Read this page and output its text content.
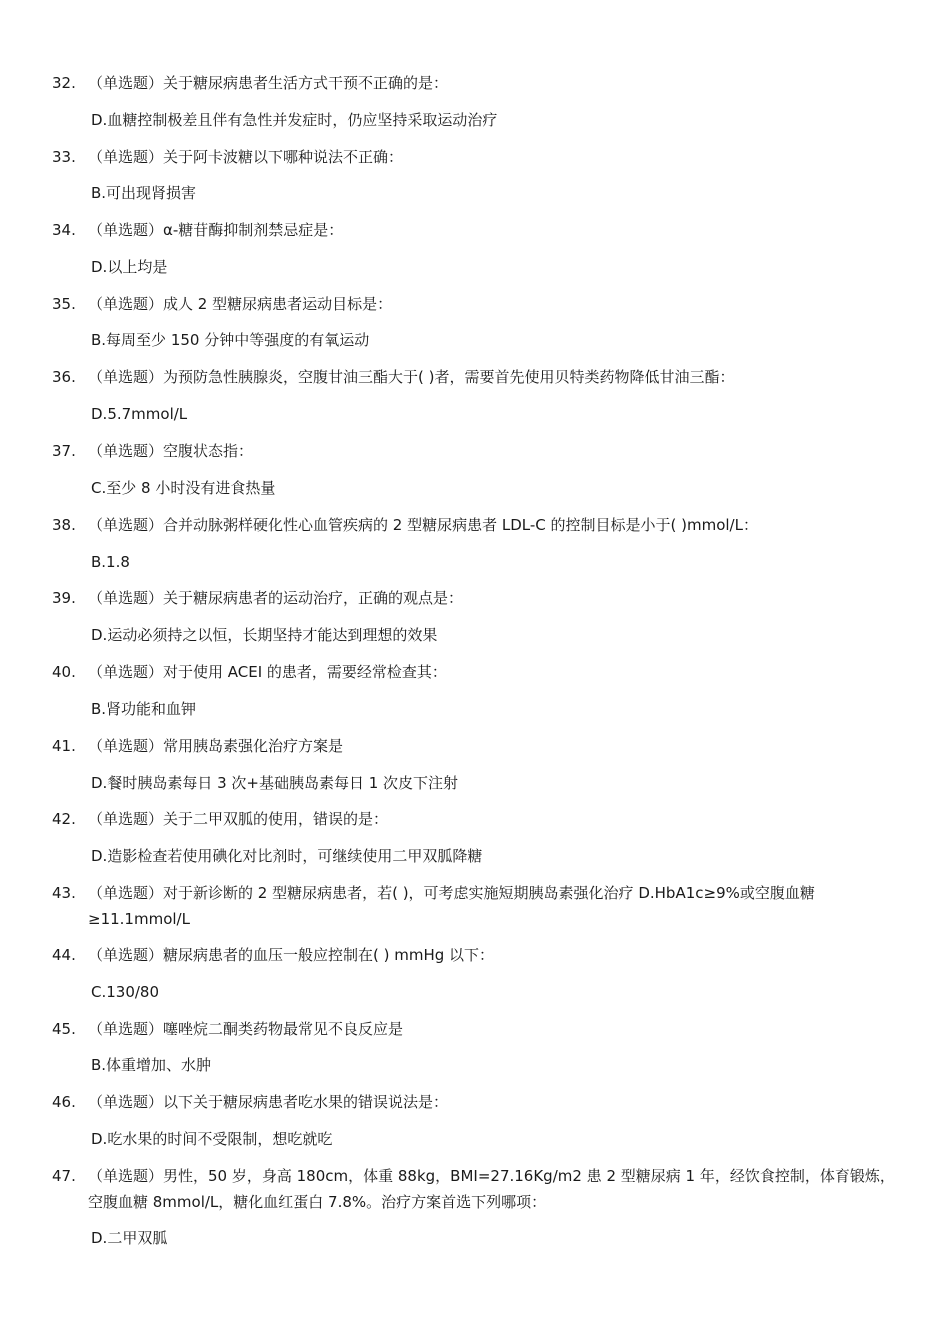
32. （单选题）关于糖尿病患者生活方式干预不正确的是：
D.血糖控制极差且伴有急性并发症时，仍应坚持采取运动治疗
33. （单选题）关于阿卡波糖以下哪种说法不正确：
B.可出现肾损害
34. （单选题）α-糖苷酶抑制剂禁忌症是：
D.以上均是
35. （单选题）成人 2 型糖尿病患者运动目标是：
B.每周至少 150 分钟中等强度的有氧运动
36. （单选题）为预防急性胰腺炎，空腹甘油三酯大于( )者，需要首先使用贝特类药物降低甘油三酯：
D.5.7mmol/L
37. （单选题）空腹状态指：
C.至少 8 小时没有进食热量
38. （单选题）合并动脉粥样硬化性心血管疾病的 2 型糖尿病患者 LDL-C 的控制目标是小于( )mmol/L：
B.1.8
39. （单选题）关于糖尿病患者的运动治疗，正确的观点是：
D.运动必须持之以恒，长期坚持才能达到理想的效果
40. （单选题）对于使用 ACEI 的患者，需要经常检查其：
B.肾功能和血钾
41. （单选题）常用胰岛素强化治疗方案是
D.餐时胰岛素每日 3 次+基础胰岛素每日 1 次皮下注射
42. （单选题）关于二甲双胍的使用，错误的是：
D.造影检查若使用碘化对比剂时，可继续使用二甲双胍降糖
43. （单选题）对于新诊断的 2 型糖尿病患者，若( )，可考虑实施短期胰岛素强化治疗 D.HbA1c≥9%或空腹血糖≥11.1mmol/L
44. （单选题）糖尿病患者的血压一般应控制在( ) mmHg 以下：
C.130/80
45. （单选题）噻唑烷二酮类药物最常见不良反应是
B.体重增加、水肿
46. （单选题）以下关于糖尿病患者吃水果的错误说法是：
D.吃水果的时间不受限制，想吃就吃
47. （单选题）男性，50 岁，身高 180cm，体重 88kg，BMI=27.16Kg/m2 患 2 型糖尿病 1 年，经饮食控制，体育锻炼，空腹血糖 8mmol/L，糖化血红蛋白 7.8%。治疗方案首选下列哪项：
D.二甲双胍
